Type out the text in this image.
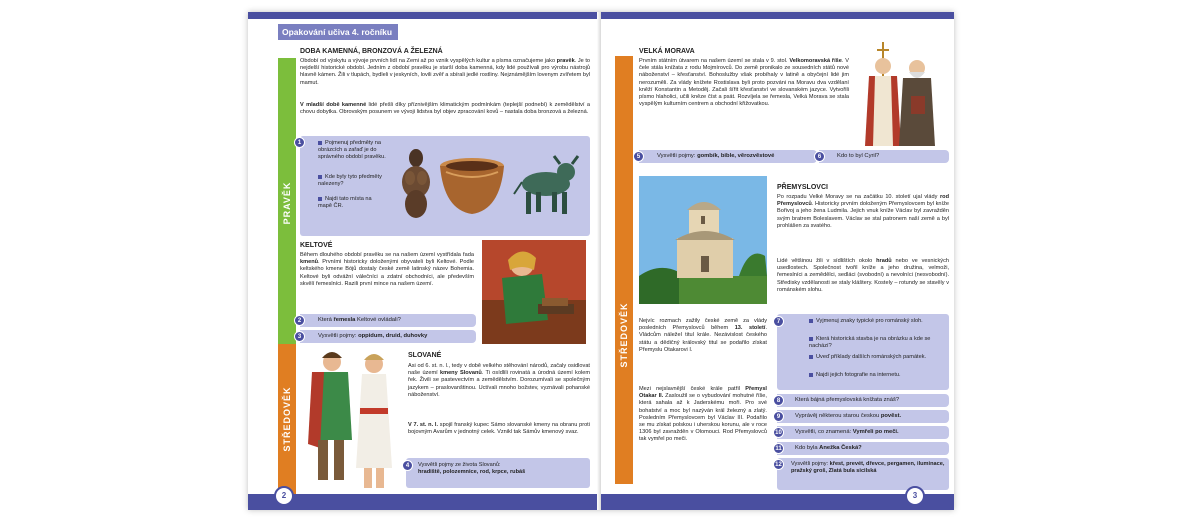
Opakování učiva 4. ročníku
PRAVĚK
STŘEDOVĚK
DOBA KAMENNÁ, BRONZOVÁ A ŽELEZNÁ
Období od výskytu a vývoje prvních lidí na Zemi až po vznik vyspělých kultur a písma označujeme jako pravěk. Je to nejdelší historické období. Jedním z období pravěku je starší doba kamenná, kdy lidé používali pro výrobu nástrojů hlavně kámen. Žili v tlupách, bydleli v jeskyních, lovili zvěř a sbírali jedlé rostliny. Nejznámějším lovenym zvířetem byl mamut.
V mladší době kamenné lidé přešli díky příznivějším klimatickým podmínkám (teplejší podnebí) k zemědělství a chovu dobytka. Obrovským posunem ve vývoji lidstva byl objev zpracování kovů – nastala doba bronzová a železná.
1	Pojmenuj předměty na obrázcích a zařaď je do správného období pravěku.
Kde byly tyto předměty nalezeny?
Najdi tato místa na mapě ČR.
KELTOVÉ
Během dlouhého období pravěku se na našem území vystřídala řada kmenů. Prvními historicky doloženými obyvateli byli Keltové. Podle keltského kmene Bójů dostaly české země latinský název Bohemia. Keltové byli odvážní válečníci a zdatní obchodníci, ale především skvělí řemeslníci. Razili první mince na našem území.
Která řemesla Keltové ovládali?
2
Vysvětli pojmy: oppidum, druid, duhovky
3
SLOVANÉ
Asi od 6. st. n. l., tedy v době velkého stěhování národů, začaly osidlovat naše území kmeny Slovanů. Ti osídlili rovinatá a úrodná území kolem řek. Živili se pastevectvím a zemědělstvím. Dorozumívali se společným jazykem – praslovanštinou. Uctívali mnoho božstev, vyznávali pohanské náboženství.
V 7. st. n. l. spojil franský kupec Sámo slovanské kmeny na obranu proti bojovným Avarům v jednotný celek. Vznikl tak Sámův kmenový svaz.
4	Vysvětli pojmy ze života Slovanů:
hradiště, polozemnice, rod, krpce, rubáš
2
STŘEDOVĚK
VELKÁ MORAVA
Prvním státním útvarem na našem území se stala v 9. stol. Velkomoravská říše. V čele stála knížata z rodu Mojmírovců. Do země pronikalo ze sousedních států nové náboženství – křesťanství. Bohoslužby však probíhaly v latině a obyčejní lidé jim nerozuměli. Za vlády knížete Rostislava byli proto pozváni na Moravu dva vzdělaní kněží Konstantin a Metoděj. Začali šířit křesťanství ve slovanském jazyce. Vytvořili písmo hlaholici, učili kněze číst a psát. Rozvíjela se řemesla, Velká Morava se stala vyspělým kulturním centrem a obchodní křižovatkou.
Vysvětli pojmy: gombík, bible, věrozvěstové
5	Kdo to byl Cyril?
6
PŘEMYSLOVCI
Po rozpadu Velké Moravy se na začátku 10. století ujal vlády rod Přemyslovců. Historicky prvním doloženým Přemyslovcem byl kníže Bořivoj a jeho žena Ludmila. Jejich vnuk kníže Václav byl zavražděn svým bratrem Boleslavem. Václav se stal patronem naší země a byl prohlášen za svatého.
Lidé většinou žili v sídlištích okolo hradů nebo ve vesnických usedlostech. Společnost tvořil kníže a jeho družina, velmoži, řemeslníci a zemědělci, sedláci (svobodní) a nevolníci (nesvobodní). Středisky vzdělanosti se staly kláštery. Kostely – rotundy se stavěly v románském slohu.
Nejvíc rozmach zažily české země za vlády posledních Přemyslovců během 13. století. Vládcům náležel titul krále. Nezávislost českého státu a dědičný královský titul se podařilo získat Přemyslu Otakarovi I.
Mezi nejslavnější české krále patřil Přemysl Otakar II. Zasloužil se o vybudování mohutné říše, která sahala až k Jaderskému moři. Pro své bohatství a moc byl nazýván král železný a zlatý. Posledním Přemyslovcem byl Václav III. Podařilo se mu získat polskou i uherskou korunu, ale v roce 1306 byl zavražděn v Olomouci. Rod Přemyslovců tak vymřel po meči.
7	Vyjmenuj znaky typické pro románský sloh.
Která historická stavba je na obrázku a kde se nachází?
Uveď příklady dalších románských památek.
Najdi jejich fotografie na internetu.
Která bájná přemyslovská knížata znáš?
8
Vyprávěj některou starou českou pověst.
9
Vysvětli, co znamená: Vymřeli po meči.
10
Kdo byla Anežka Česká?
11
12	Vysvětli pojmy: křest, prevét, dřevce, pergamen, iluminace, pražský groš, Zlatá bula sicilská
3
